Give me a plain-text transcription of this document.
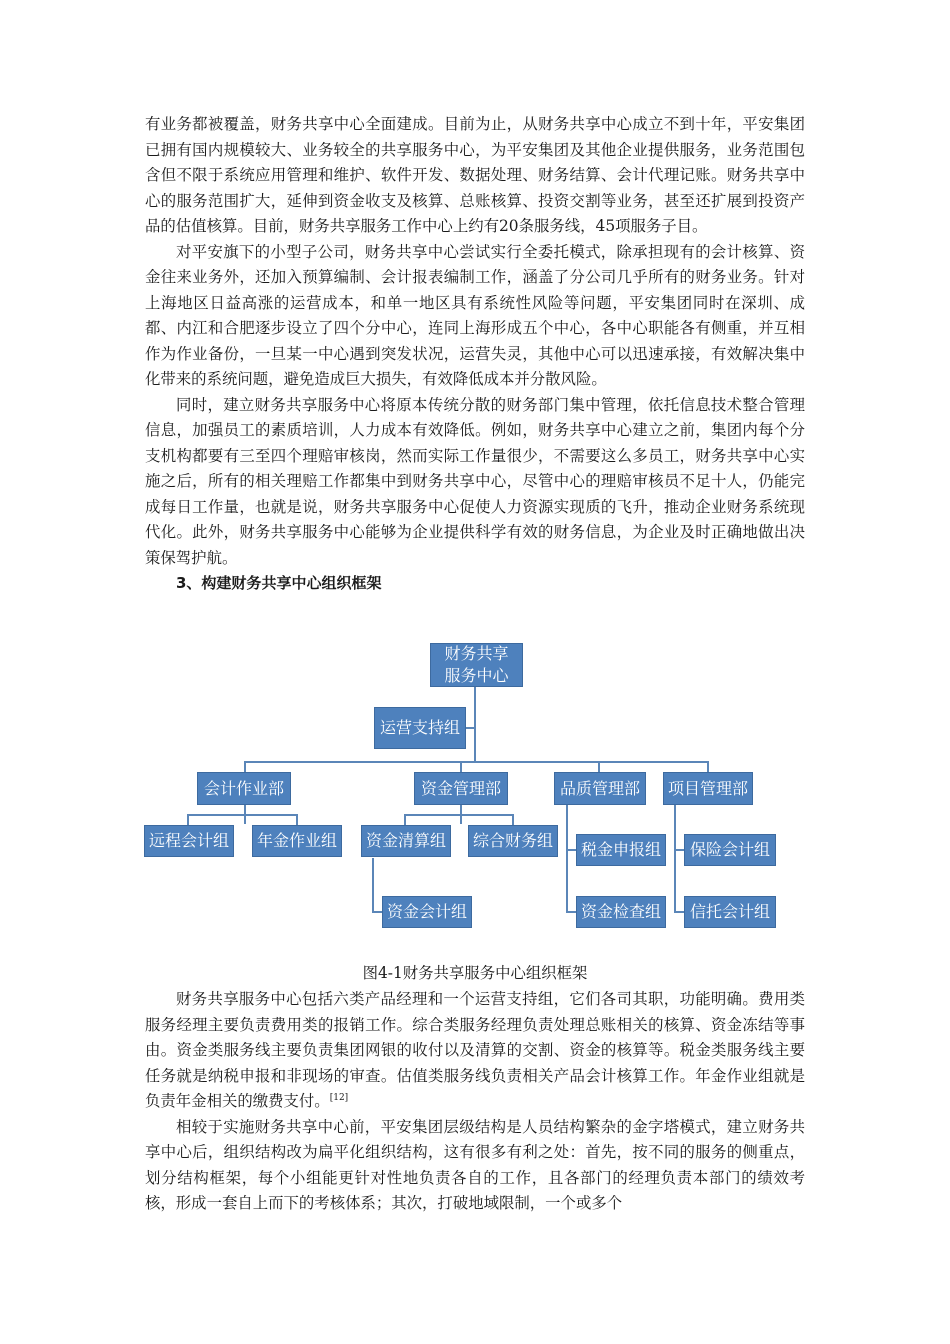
有业务都被覆盖，财务共享中心全面建成。目前为止，从财务共享中心成立不到十年，平安集团已拥有国内规模较大、业务较全的共享服务中心，为平安集团及其他企业提供服务，业务范围包含但不限于系统应用管理和维护、软件开发、数据处理、财务结算、会计代理记账。财务共享中心的服务范围扩大，延伸到资金收支及核算、总账核算、投资交割等业务，甚至还扩展到投资产品的估值核算。目前，财务共享服务工作中心上约有20条服务线，45项服务子目。

对平安旗下的小型子公司，财务共享中心尝试实行全委托模式，除承担现有的会计核算、资金往来业务外，还加入预算编制、会计报表编制工作，涵盖了分公司几乎所有的财务业务。针对上海地区日益高涨的运营成本，和单一地区具有系统性风险等问题，平安集团同时在深圳、成都、内江和合肥逐步设立了四个分中心，连同上海形成五个中心，各中心职能各有侧重，并互相作为作业备份，一旦某一中心遇到突发状况，运营失灵，其他中心可以迅速承接，有效解决集中化带来的系统问题，避免造成巨大损失，有效降低成本并分散风险。

同时，建立财务共享服务中心将原本传统分散的财务部门集中管理，依托信息技术整合管理信息，加强员工的素质培训，人力成本有效降低。例如，财务共享中心建立之前，集团内每个分支机构都要有三至四个理赔审核岗，然而实际工作量很少，不需要这么多员工，财务共享中心实施之后，所有的相关理赔工作都集中到财务共享中心，尽管中心的理赔审核员不足十人，仍能完成每日工作量，也就是说，财务共享服务中心促使人力资源实现质的飞升，推动企业财务系统现代化。此外，财务共享服务中心能够为企业提供科学有效的财务信息，为企业及时正确地做出决策保驾护航。

3、构建财务共享中心组织框架

财务共享服务中心
运营支持组
会计作业部	资金管理部	品质管理部	项目管理部
远程会计组	年金作业组	资金清算组	综合财务组
资金会计组
税金申报组
资金检查组
保险会计组
信托会计组
图4-1财务共享服务中心组织框架

财务共享服务中心包括六类产品经理和一个运营支持组，它们各司其职，功能明确。费用类服务经理主要负责费用类的报销工作。综合类服务经理负责处理总账相关的核算、资金冻结等事由。资金类服务线主要负责集团网银的收付以及清算的交割、资金的核算等。税金类服务线主要任务就是纳税申报和非现场的审查。估值类服务线负责相关产品会计核算工作。年金作业组就是负责年金相关的缴费支付。[12]

相较于实施财务共享中心前，平安集团层级结构是人员结构繁杂的金字塔模式，建立财务共享中心后，组织结构改为扁平化组织结构，这有很多有利之处：首先，按不同的服务的侧重点，划分结构框架，每个小组能更针对性地负责各自的工作，且各部门的经理负责本部门的绩效考核，形成一套自上而下的考核体系；其次，打破地域限制，一个或多个
